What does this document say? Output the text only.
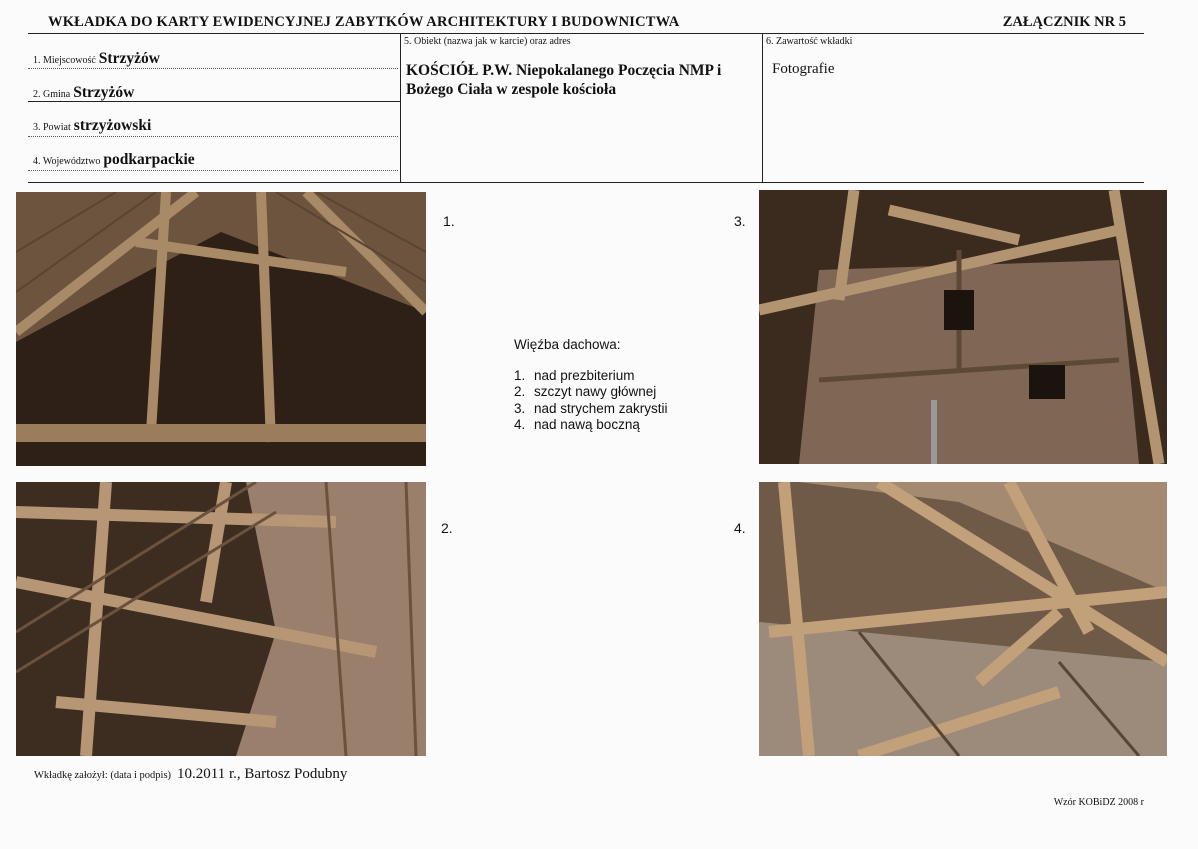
WKŁADKA DO KARTY EWIDENCYJNEJ ZABYTKÓW ARCHITEKTURY I BUDOWNICTWA	ZAŁĄCZNIK NR 5
1. Miejscowość Strzyżów
2. Gmina Strzyżów
3. Powiat strzyżowski
4. Województwo podkarpackie
5. Obiekt (nazwa jak w karcie) oraz adres
KOŚCIÓŁ P.W. Niepokalanego Poczęcia NMP i Bożego Ciała w zespole kościoła
6. Zawartość wkładki
Fotografie
1.	3.
Więźba dachowa:
1. nad prezbiterium
2. szczyt nawy głównej
3. nad strychem zakrystii
4. nad nawą boczną
2.	4.
Wkładkę założył: (data i podpis) 10.2011 r., Bartosz Podubny
Wzór KOBiDZ 2008 r
